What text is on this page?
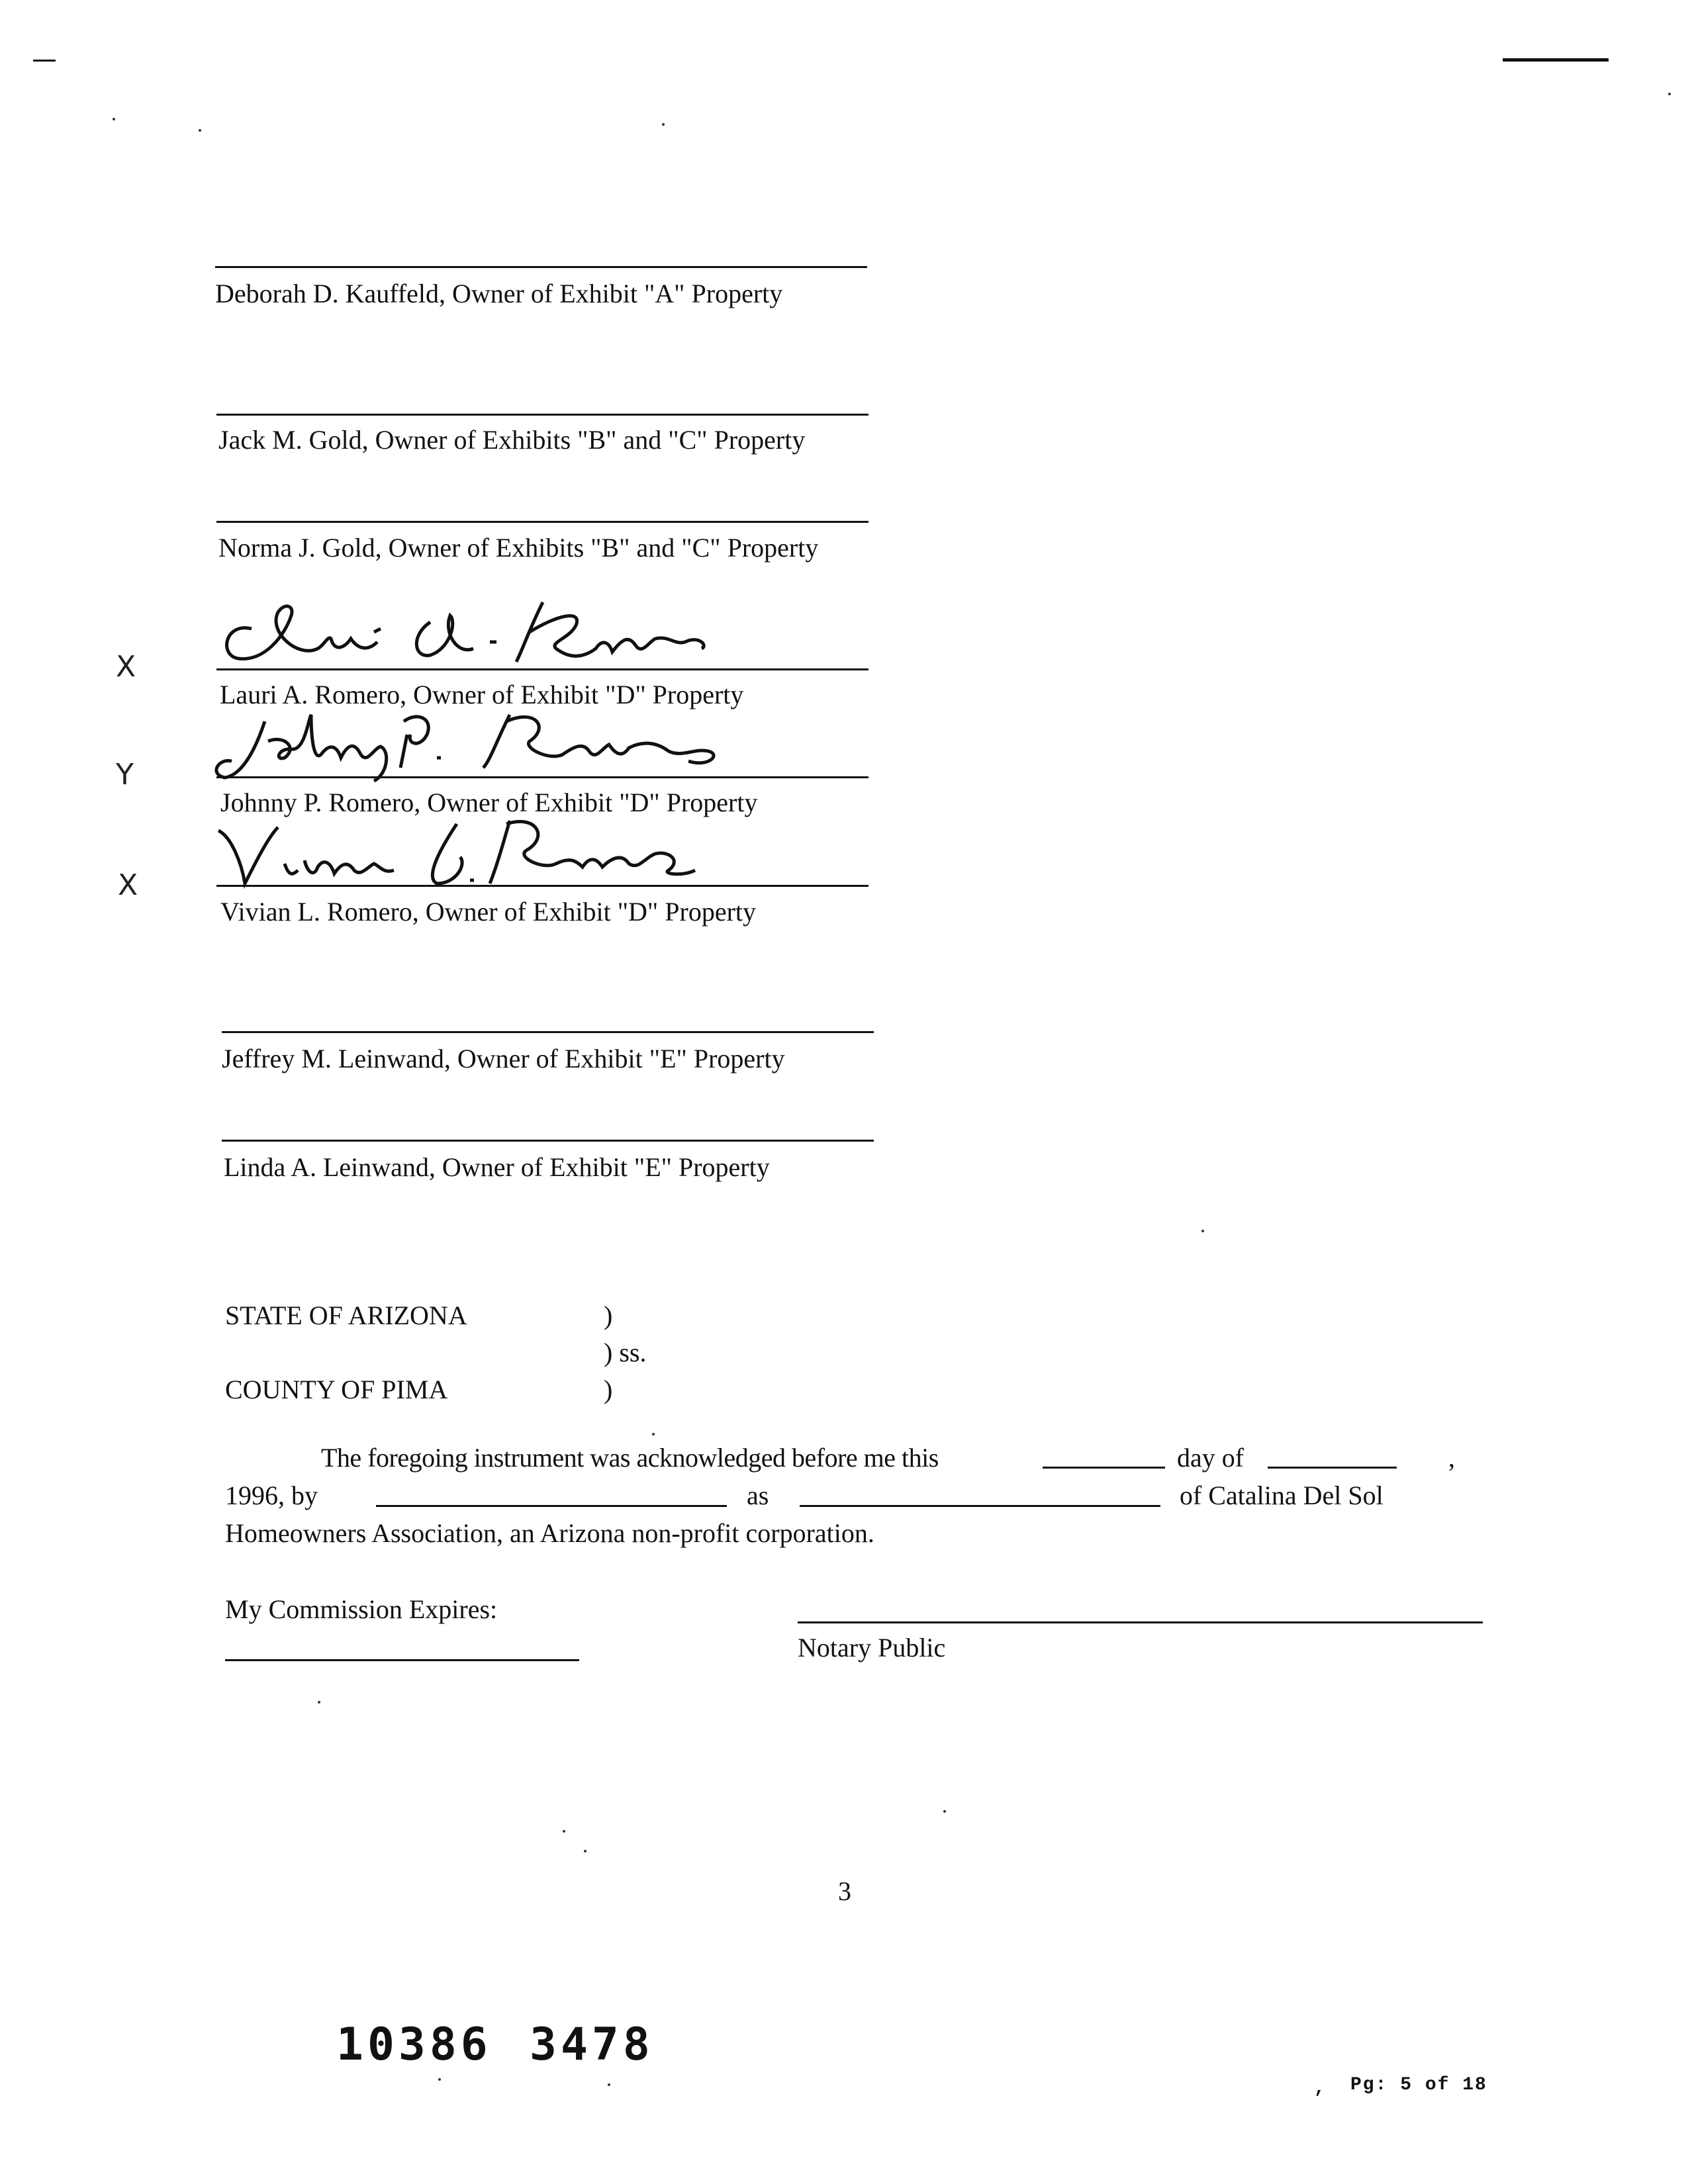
Deborah D. Kauffeld, Owner of Exhibit "A" Property
Jack M. Gold, Owner of Exhibits "B" and "C" Property
Norma J. Gold, Owner of Exhibits "B" and "C" Property
X
Lauri A. Romero, Owner of Exhibit "D" Property
Y
Johnny P. Romero, Owner of Exhibit "D" Property
X
Vivian L. Romero, Owner of Exhibit "D" Property
Jeffrey M. Leinwand, Owner of Exhibit "E" Property
Linda A. Leinwand, Owner of Exhibit "E" Property
STATE OF ARIZONA	)
) ss.
COUNTY OF PIMA	)
The foregoing instrument was acknowledged before me this	day of	,
1996, by	as	of Catalina Del Sol
Homeowners Association, an Arizona non-profit corporation.
My Commission Expires:
Notary Public
3
10386 3478
, Pg: 5 of 18
